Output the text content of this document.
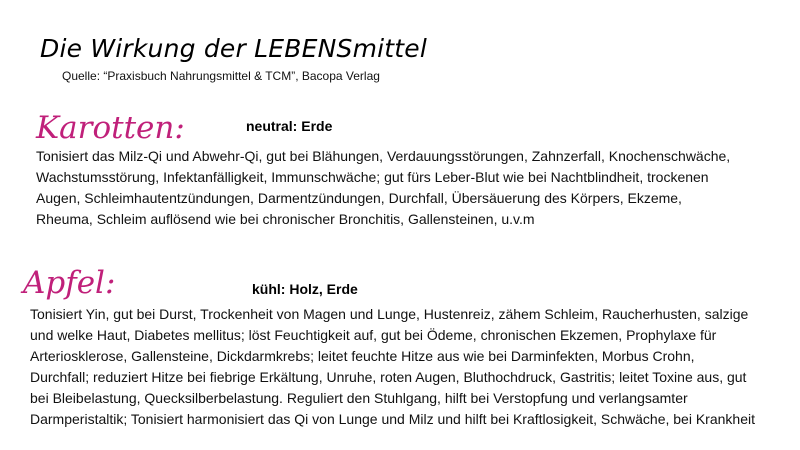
Die Wirkung der LEBENSmittel
Quelle: “Praxisbuch Nahrungsmittel & TCM”, Bacopa Verlag
Karotten:	neutral: Erde
Tonisiert das Milz-Qi und Abwehr-Qi, gut bei Blähungen, Verdauungsstörungen, Zahnzerfall, Knochenschwäche,
Wachstumsstörung, Infektanfälligkeit, Immunschwäche; gut fürs Leber-Blut wie bei Nachtblindheit, trockenen
Augen, Schleimhautentzündungen, Darmentzündungen, Durchfall, Übersäuerung des Körpers, Ekzeme,
Rheuma, Schleim auflösend wie bei chronischer Bronchitis, Gallensteinen, u.v.m
Apfel:	kühl: Holz, Erde
Tonisiert Yin, gut bei Durst, Trockenheit von Magen und Lunge, Hustenreiz, zähem Schleim, Raucherhusten, salzige
und welke Haut, Diabetes mellitus; löst Feuchtigkeit auf, gut bei Ödeme, chronischen Ekzemen, Prophylaxe für
Arteriosklerose, Gallensteine, Dickdarmkrebs; leitet feuchte Hitze aus wie bei Darminfekten, Morbus Crohn,
Durchfall; reduziert Hitze bei fiebrige Erkältung, Unruhe, roten Augen, Bluthochdruck, Gastritis; leitet Toxine aus, gut
bei Bleibelastung, Quecksilberbelastung. Reguliert den Stuhlgang, hilft bei Verstopfung und verlangsamter
Darmperistaltik; Tonisiert harmonisiert das Qi von Lunge und Milz und hilft bei Kraftlosigkeit, Schwäche, bei Krankheit
